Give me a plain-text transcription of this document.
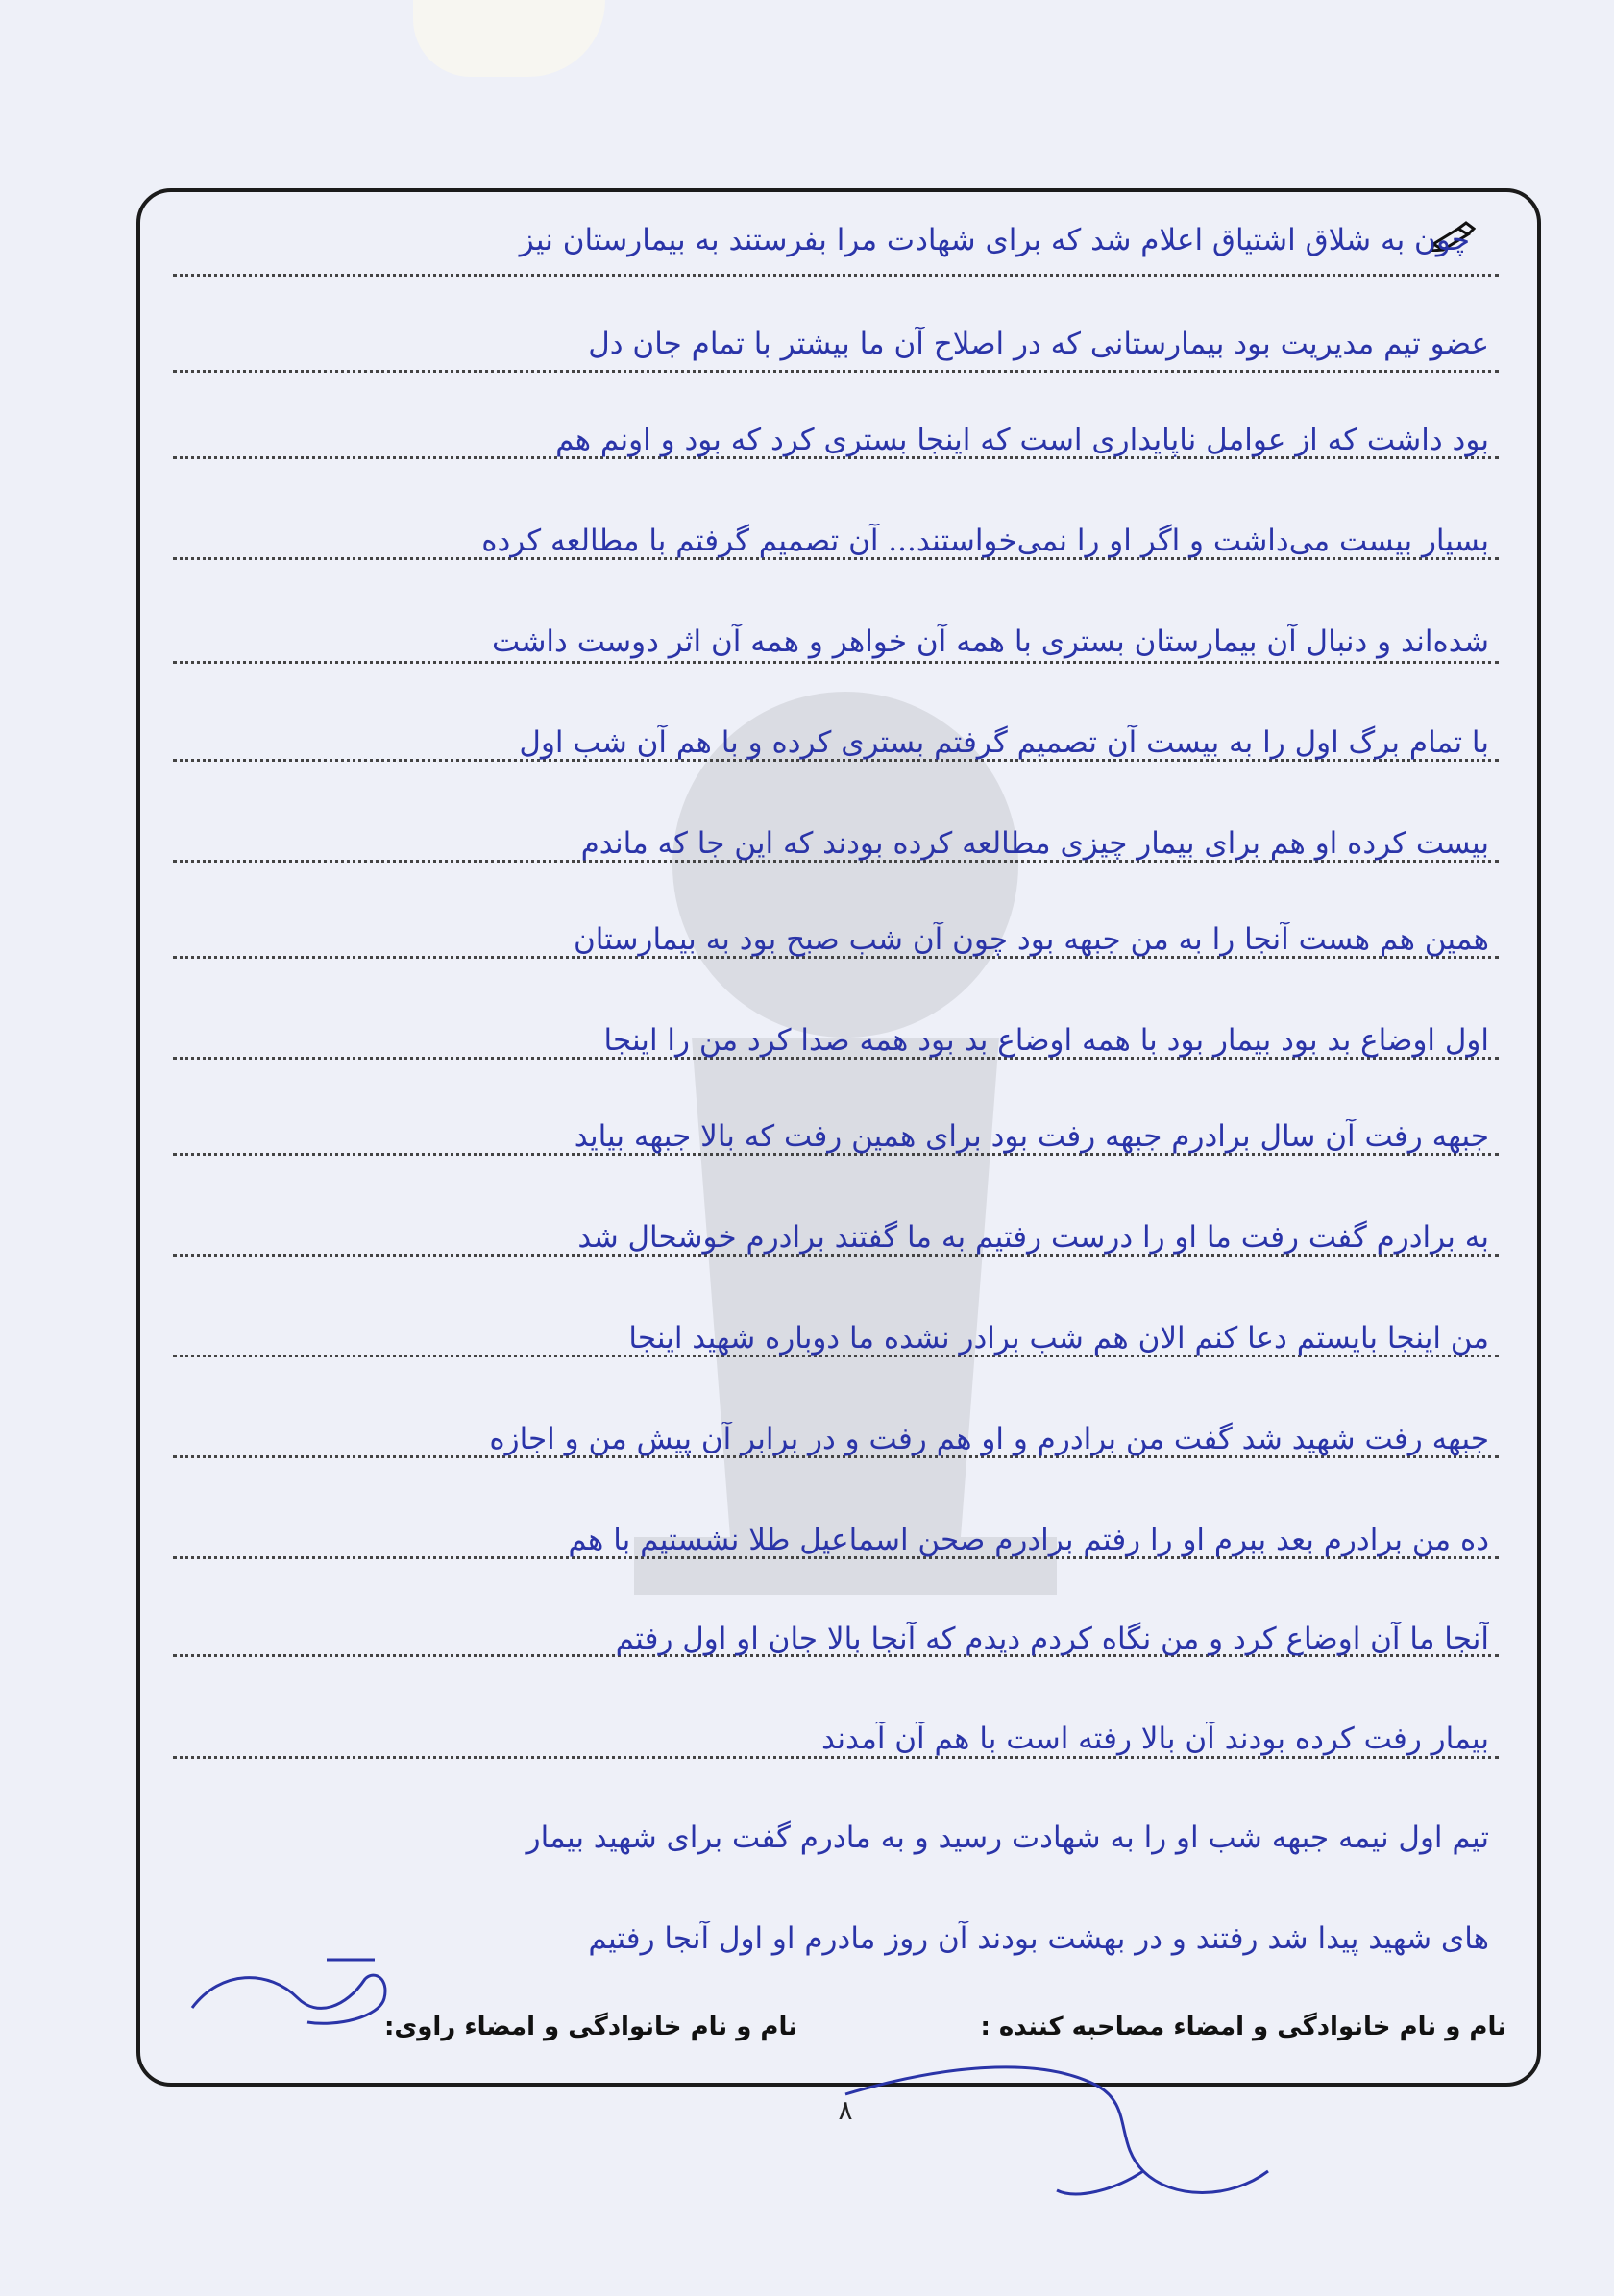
چون به شلاق اشتیاق اعلام شد که برای شهادت مرا بفرستند به بیمارستان نیز
عضو تیم مدیریت بود بیمارستانی که در اصلاح آن ما بیشتر با تمام جان دل
بود داشت که از عوامل ناپایداری است که اینجا بستری کرد که بود و اونم هم
بسیار بیست می‌داشت و اگر او را نمی‌خواستند... آن تصمیم گرفتم با مطالعه کرده
شده‌اند و دنبال آن بیمارستان بستری با همه آن خواهر و همه آن اثر دوست داشت
با تمام برگ اول را به بیست آن تصمیم گرفتم بستری کرده و با هم آن شب اول
بیست کرده او هم برای بیمار چیزی مطالعه کرده بودند که این جا که ماندم
همین هم هست آنجا را به من جبهه بود چون آن شب صبح بود به بیمارستان
اول اوضاع بد بود بیمار بود با همه اوضاع بد بود همه صدا کرد من را اینجا
جبهه رفت آن سال برادرم جبهه رفت بود برای همین رفت که بالا جبهه بیاید
به برادرم گفت رفت ما او را درست رفتیم به ما گفتند برادرم خوشحال شد
من اینجا بایستم دعا کنم الان هم شب برادر نشده ما دوباره شهید اینجا
جبهه رفت شهید شد گفت من برادرم و او هم رفت و در برابر آن پیش من و اجازه
ده من برادرم بعد ببرم او را رفتم برادرم صحن اسماعیل طلا نشستیم با هم
آنجا ما آن اوضاع کرد و من نگاه کردم دیدم که آنجا بالا جان او اول رفتم
بیمار رفت کرده بودند آن بالا رفته است با هم آن آمدند
تیم اول نیمه جبهه شب او را به شهادت رسید و به مادرم گفت برای شهید بیمار
های شهید پیدا شد رفتند و در بهشت بودند آن روز مادرم او اول آنجا رفتیم
نام و نام خانوادگی و امضاء مصاحبه کننده :
نام و نام خانوادگی و امضاء راوی:
۸
